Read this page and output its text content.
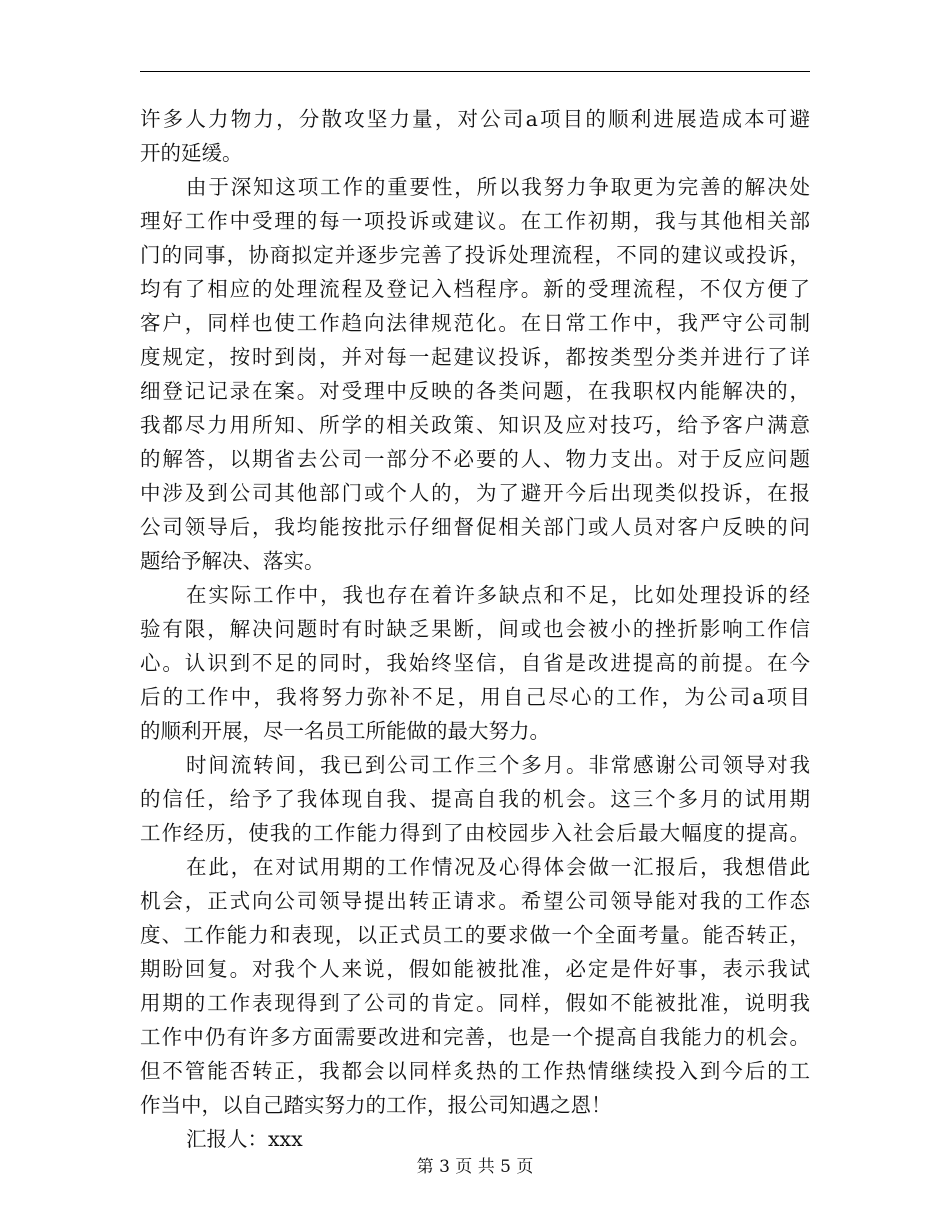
许多人力物力，分散攻坚力量，对公司a项目的顺利进展造成本可避
开的延缓。
由于深知这项工作的重要性，所以我努力争取更为完善的解决处
理好工作中受理的每一项投诉或建议。在工作初期，我与其他相关部
门的同事，协商拟定并逐步完善了投诉处理流程，不同的建议或投诉，
均有了相应的处理流程及登记入档程序。新的受理流程，不仅方便了
客户，同样也使工作趋向法律规范化。在日常工作中，我严守公司制
度规定，按时到岗，并对每一起建议投诉，都按类型分类并进行了详
细登记记录在案。对受理中反映的各类问题，在我职权内能解决的，
我都尽力用所知、所学的相关政策、知识及应对技巧，给予客户满意
的解答，以期省去公司一部分不必要的人、物力支出。对于反应问题
中涉及到公司其他部门或个人的，为了避开今后出现类似投诉，在报
公司领导后，我均能按批示仔细督促相关部门或人员对客户反映的问
题给予解决、落实。
在实际工作中，我也存在着许多缺点和不足，比如处理投诉的经
验有限，解决问题时有时缺乏果断，间或也会被小的挫折影响工作信
心。认识到不足的同时，我始终坚信，自省是改进提高的前提。在今
后的工作中，我将努力弥补不足，用自己尽心的工作，为公司a项目
的顺利开展，尽一名员工所能做的最大努力。
时间流转间，我已到公司工作三个多月。非常感谢公司领导对我
的信任，给予了我体现自我、提高自我的机会。这三个多月的试用期
工作经历，使我的工作能力得到了由校园步入社会后最大幅度的提高。
在此，在对试用期的工作情况及心得体会做一汇报后，我想借此
机会，正式向公司领导提出转正请求。希望公司领导能对我的工作态
度、工作能力和表现，以正式员工的要求做一个全面考量。能否转正，
期盼回复。对我个人来说，假如能被批准，必定是件好事，表示我试
用期的工作表现得到了公司的肯定。同样，假如不能被批准，说明我
工作中仍有许多方面需要改进和完善，也是一个提高自我能力的机会。
但不管能否转正，我都会以同样炙热的工作热情继续投入到今后的工
作当中，以自己踏实努力的工作，报公司知遇之恩！
汇报人：xxx
第 3 页 共 5 页
